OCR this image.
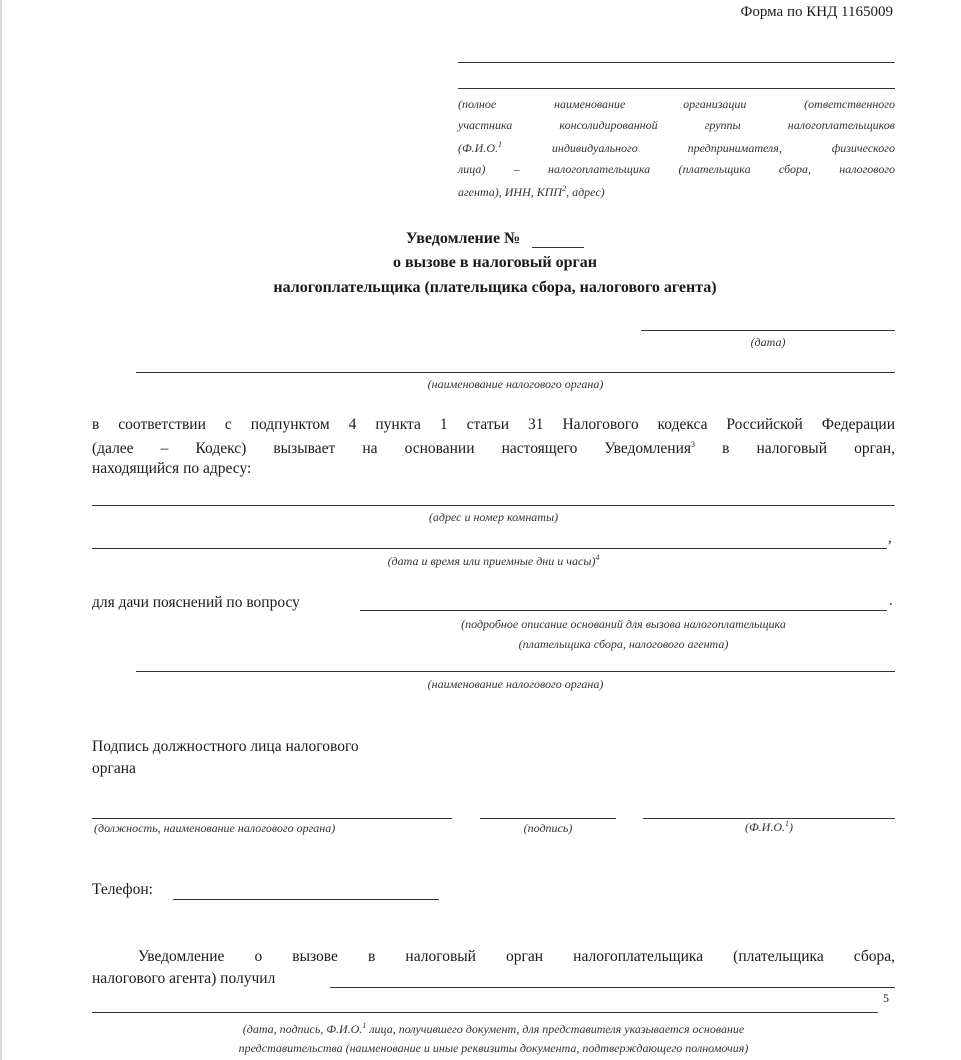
Форма по КНД 1165009
(полное наименование организации (ответственного
участника консолидированной группы налогоплательщиков
(Ф.И.О.$^1$ индивидуального предпринимателя, физического
лица) – налогоплательщика (плательщика сбора, налогового
агента), ИНН, КПП$^2$, адрес)
Уведомление №
о вызове в налоговый орган
налогоплательщика (плательщика сбора, налогового агента)
(дата)
(наименование налогового органа)
в соответствии с подпунктом 4 пункта 1 статьи 31 Налогового кодекса Российской Федерации
(далее – Кодекс) вызывает на основании настоящего Уведомления$^3$ в налоговый орган,
находящийся по адресу:
(адрес и номер комнаты)
,
(дата и время или приемные дни и часы)$^4$
для дачи пояснений по вопросу	.
(подробное описание оснований для вызова налогоплательщика
(плательщика сбора, налогового агента)
(наименование налогового органа)
Подпись должностного лица налогового
органа
(должность, наименование налогового органа)	(подпись)	(Ф.И.О.$^1$)
Телефон:
Уведомление о вызове в налоговый орган налогоплательщика (плательщика сбора,
налогового агента) получил
5
(дата, подпись, Ф.И.О.$^1$ лица, получившего документ, для представителя указывается основание
представительства (наименование и иные реквизиты документа, подтверждающего полномочия)
